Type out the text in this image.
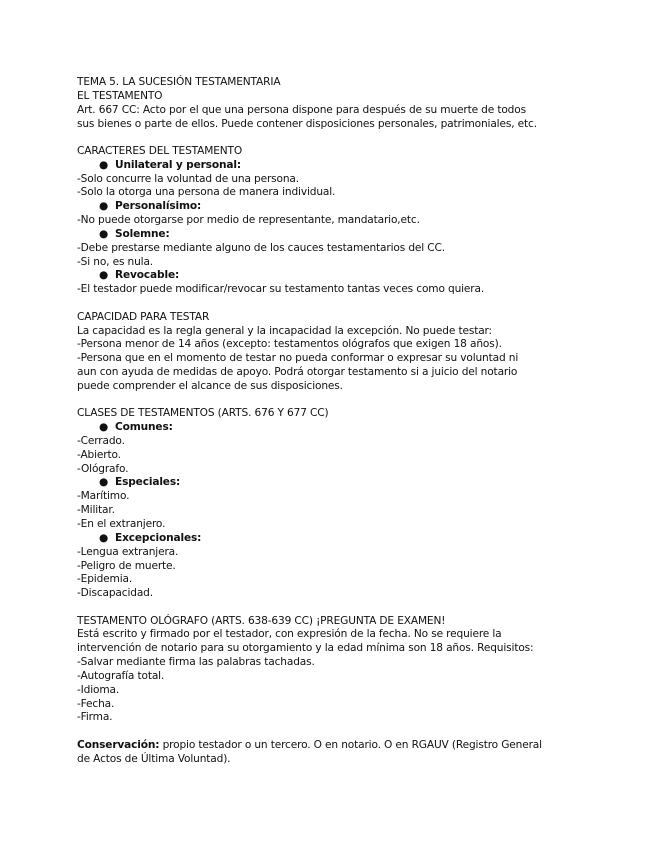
TEMA 5. LA SUCESIÓN TESTAMENTARIA

EL TESTAMENTO

Art. 667 CC: Acto por el que una persona dispone para después de su muerte de todos

sus bienes o parte de ellos. Puede contener disposiciones personales, patrimoniales, etc.

CARACTERES DEL TESTAMENTO

● Unilateral y personal:

-Solo concurre la voluntad de una persona.

-Solo la otorga una persona de manera individual.

● Personalísimo:

-No puede otorgarse por medio de representante, mandatario,etc.

● Solemne:

-Debe prestarse mediante alguno de los cauces testamentarios del CC.

-Si no, es nula.

● Revocable:

-El testador puede modificar/revocar su testamento tantas veces como quiera.

CAPACIDAD PARA TESTAR

La capacidad es la regla general y la incapacidad la excepción. No puede testar:

-Persona menor de 14 años (excepto: testamentos ológrafos que exigen 18 años).

-Persona que en el momento de testar no pueda conformar o expresar su voluntad ni

aun con ayuda de medidas de apoyo. Podrá otorgar testamento si a juicio del notario

puede comprender el alcance de sus disposiciones.

CLASES DE TESTAMENTOS (ARTS. 676 Y 677 CC)

● Comunes:

-Cerrado.

-Abierto.

-Ológrafo.

● Especiales:

-Marítimo.

-Militar.

-En el extranjero.

● Excepcionales:

-Lengua extranjera.

-Peligro de muerte.

-Epidemia.

-Discapacidad.

TESTAMENTO OLÓGRAFO (ARTS. 638-639 CC) ¡PREGUNTA DE EXAMEN!

Está escrito y firmado por el testador, con expresión de la fecha. No se requiere la

intervención de notario para su otorgamiento y la edad mínima son 18 años. Requisitos:

-Salvar mediante firma las palabras tachadas.

-Autografía total.

-Idioma.

-Fecha.

-Firma.

Conservación: propio testador o un tercero. O en notario. O en RGAUV (Registro General

de Actos de Última Voluntad).
